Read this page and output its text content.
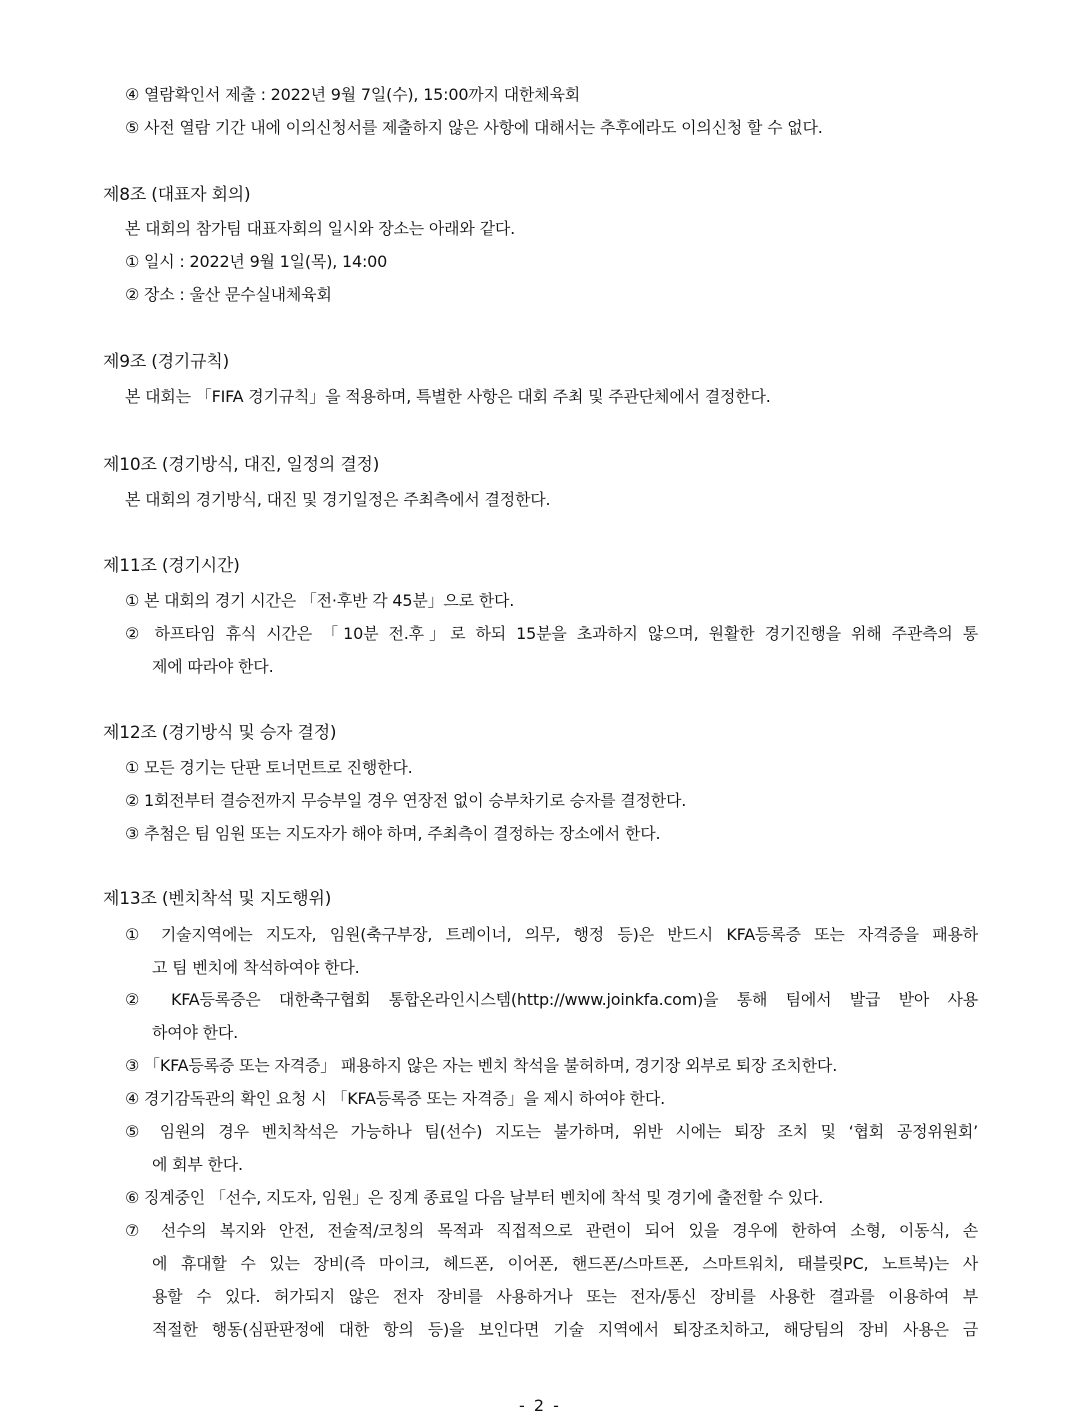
④ 열람확인서 제출 : 2022년 9월 7일(수), 15:00까지 대한체육회
⑤ 사전 열람 기간 내에 이의신청서를 제출하지 않은 사항에 대해서는 추후에라도 이의신청 할 수 없다.
제8조 (대표자 회의)
본 대회의 참가팀 대표자회의 일시와 장소는 아래와 같다.
① 일시 : 2022년 9월 1일(목), 14:00
② 장소 : 울산 문수실내체육회
제9조 (경기규칙)
본 대회는 「FIFA 경기규칙」을 적용하며, 특별한 사항은 대회 주최 및 주관단체에서 결정한다.
제10조 (경기방식, 대진, 일정의 결정)
본 대회의 경기방식, 대진 및 경기일정은 주최측에서 결정한다.
제11조 (경기시간)
① 본 대회의 경기 시간은 「전·후반 각 45분」으로 한다.
② 하프타임 휴식 시간은 「10분 전.후」로 하되 15분을 초과하지 않으며, 원활한 경기진행을 위해 주관측의 통
제에 따라야 한다.
제12조 (경기방식 및 승자 결정)
① 모든 경기는 단판 토너먼트로 진행한다.
② 1회전부터 결승전까지 무승부일 경우 연장전 없이 승부차기로 승자를 결정한다.
③ 추첨은 팀 임원 또는 지도자가 해야 하며, 주최측이 결정하는 장소에서 한다.
제13조 (벤치착석 및 지도행위)
① 기술지역에는 지도자, 임원(축구부장, 트레이너, 의무, 행정 등)은 반드시 KFA등록증 또는 자격증을 패용하
고 팀 벤치에 착석하여야 한다.
② KFA등록증은 대한축구협회 통합온라인시스템(http://www.joinkfa.com)을 통해 팀에서 발급 받아 사용
하여야 한다.
③ 「KFA등록증 또는 자격증」 패용하지 않은 자는 벤치 착석을 불허하며, 경기장 외부로 퇴장 조치한다.
④ 경기감독관의 확인 요청 시 「KFA등록증 또는 자격증」을 제시 하여야 한다.
⑤ 임원의 경우 벤치착석은 가능하나 팀(선수) 지도는 불가하며, 위반 시에는 퇴장 조치 및 ‘협회 공정위원회’
에 회부 한다.
⑥ 징계중인 「선수, 지도자, 임원」은 징계 종료일 다음 날부터 벤치에 착석 및 경기에 출전할 수 있다.
⑦ 선수의 복지와 안전, 전술적/코칭의 목적과 직접적으로 관련이 되어 있을 경우에 한하여 소형, 이동식, 손
에 휴대할 수 있는 장비(즉 마이크, 헤드폰, 이어폰, 핸드폰/스마트폰, 스마트워치, 태블릿PC, 노트북)는 사
용할 수 있다. 허가되지 않은 전자 장비를 사용하거나 또는 전자/통신 장비를 사용한 결과를 이용하여 부
적절한 행동(심판판정에 대한 항의 등)을 보인다면 기술 지역에서 퇴장조치하고, 해당팀의 장비 사용은 금
- 2 -
